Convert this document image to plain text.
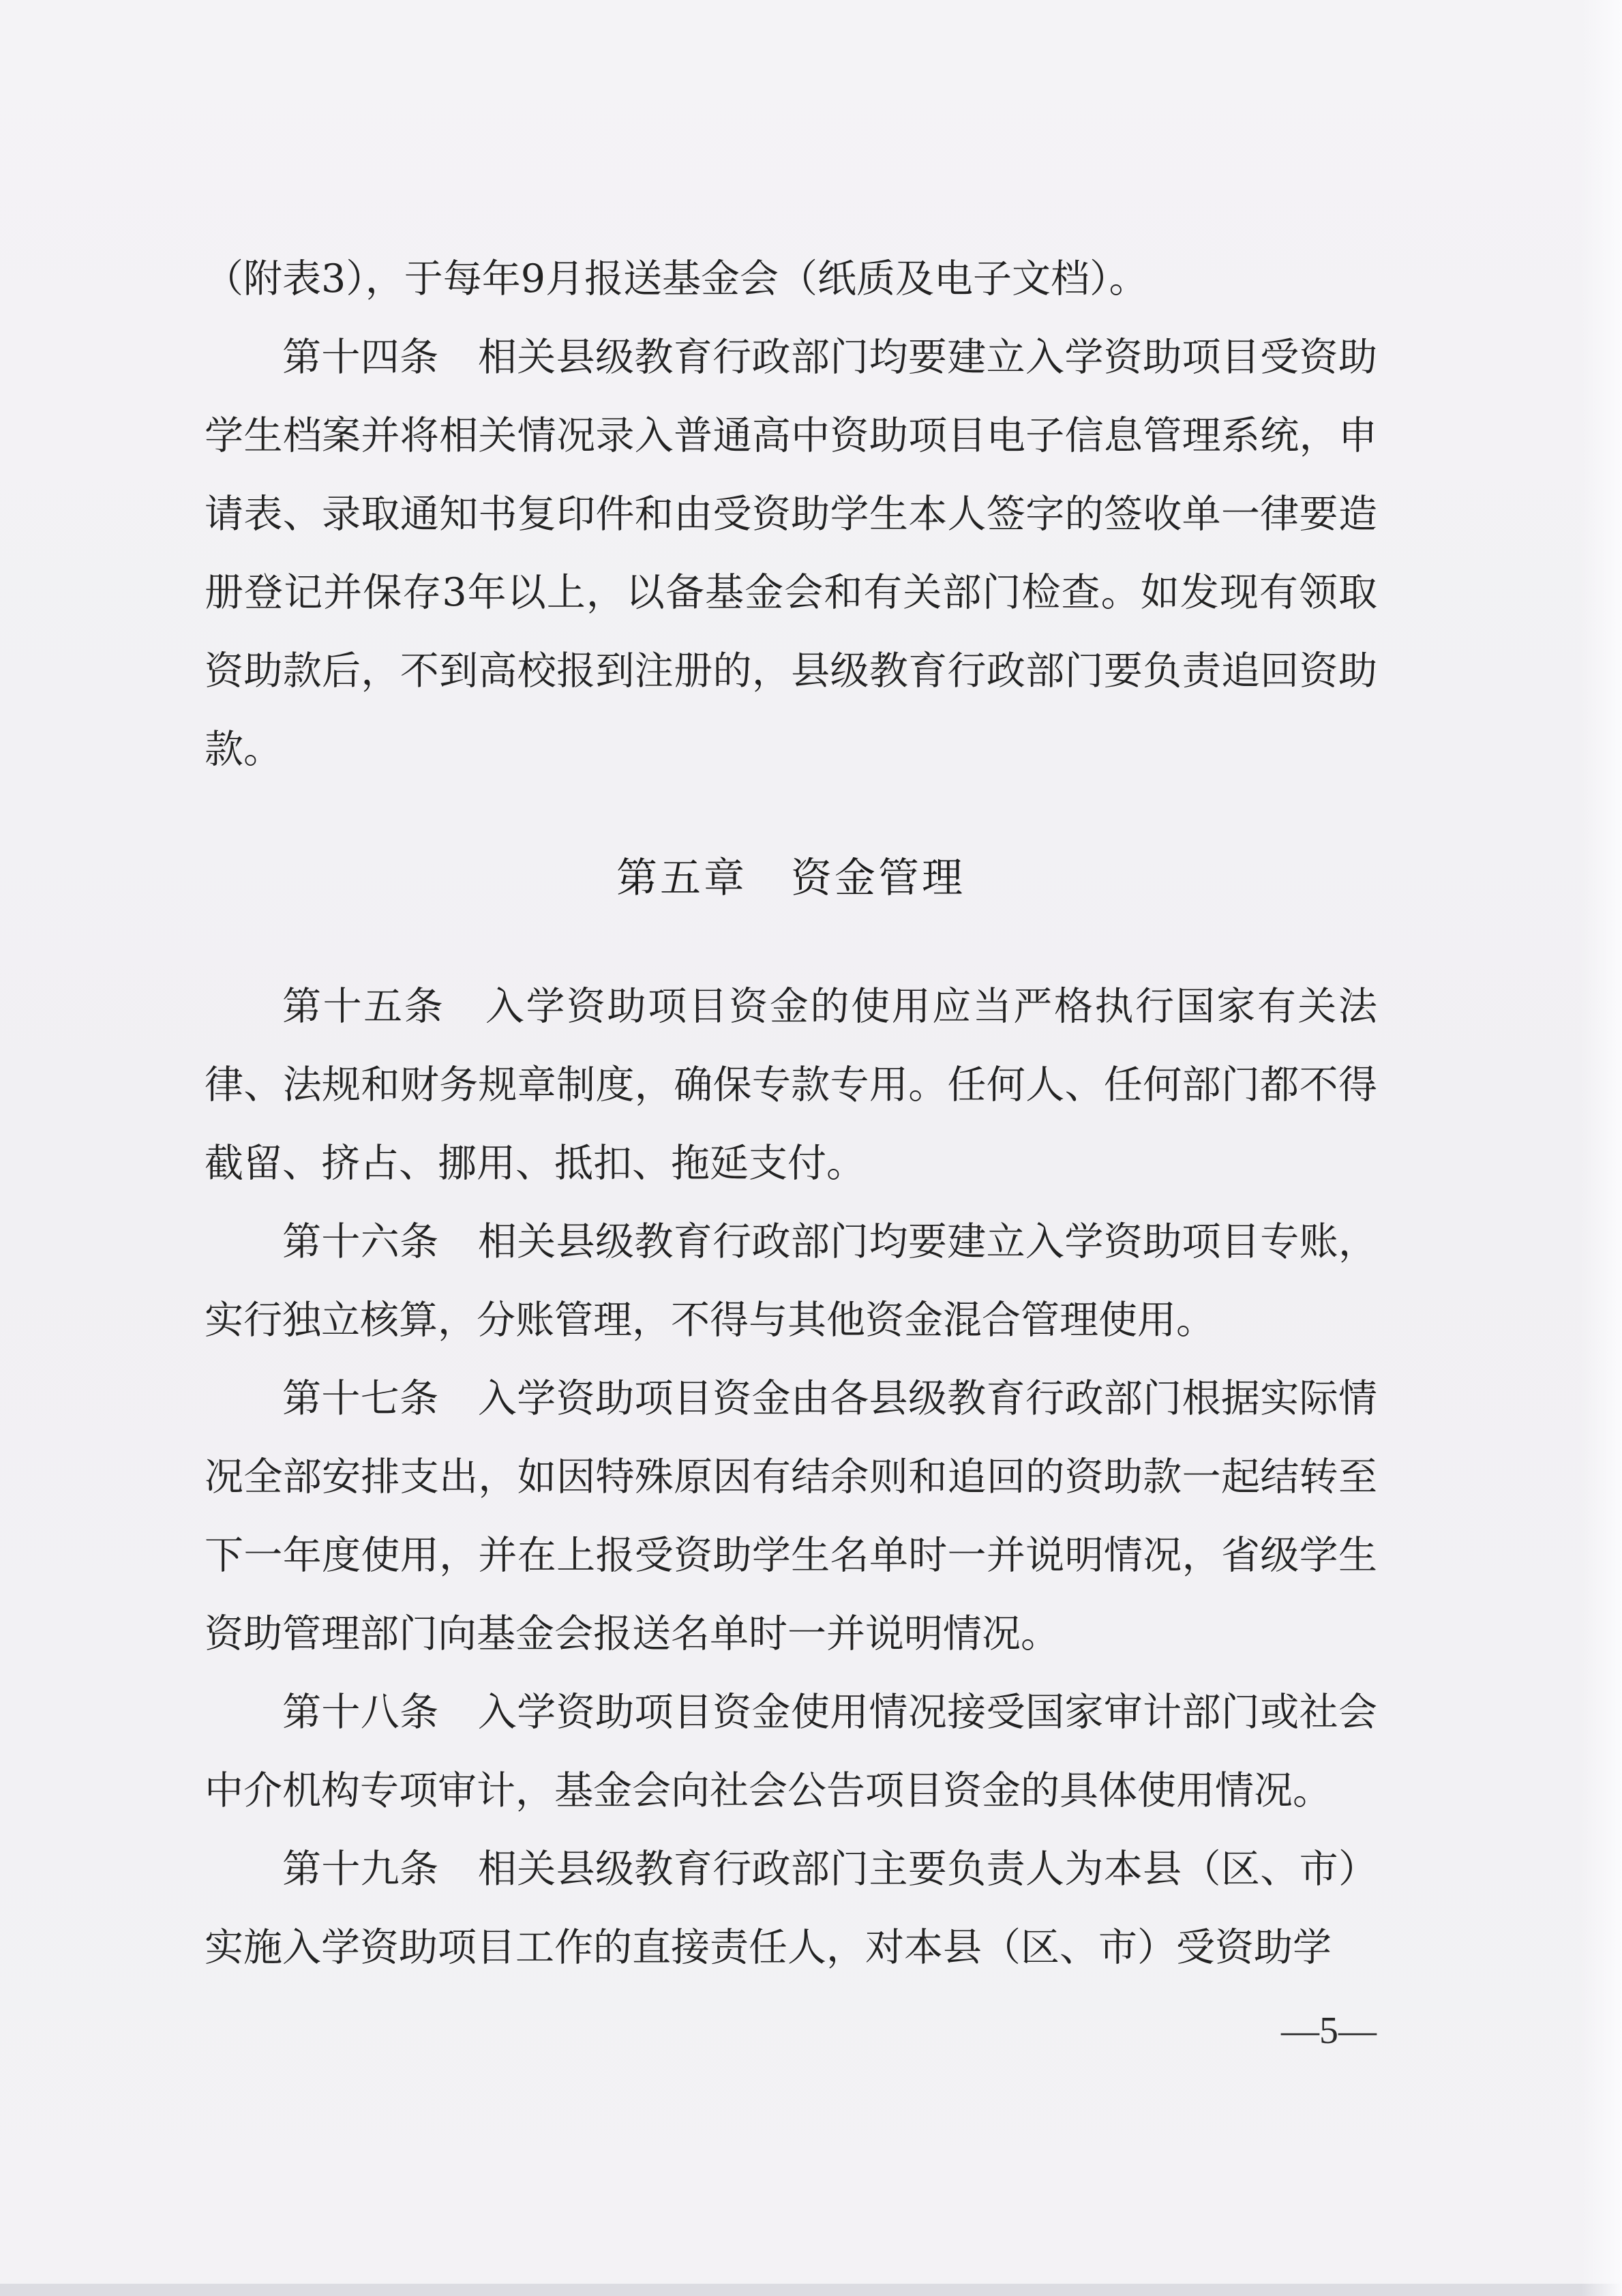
（附表3），于每年9月报送基金会（纸质及电子文档）。

第十四条　相关县级教育行政部门均要建立入学资助项目受资助学生档案并将相关情况录入普通高中资助项目电子信息管理系统，申请表、录取通知书复印件和由受资助学生本人签字的签收单一律要造册登记并保存3年以上，以备基金会和有关部门检查。如发现有领取资助款后，不到高校报到注册的，县级教育行政部门要负责追回资助款。

第五章　资金管理

第十五条　入学资助项目资金的使用应当严格执行国家有关法律、法规和财务规章制度，确保专款专用。任何人、任何部门都不得截留、挤占、挪用、抵扣、拖延支付。

第十六条　相关县级教育行政部门均要建立入学资助项目专账，实行独立核算，分账管理，不得与其他资金混合管理使用。

第十七条　入学资助项目资金由各县级教育行政部门根据实际情况全部安排支出，如因特殊原因有结余则和追回的资助款一起结转至下一年度使用，并在上报受资助学生名单时一并说明情况，省级学生资助管理部门向基金会报送名单时一并说明情况。

第十八条　入学资助项目资金使用情况接受国家审计部门或社会中介机构专项审计，基金会向社会公告项目资金的具体使用情况。

第十九条　相关县级教育行政部门主要负责人为本县（区、市）实施入学资助项目工作的直接责任人，对本县（区、市）受资助学

—5—
